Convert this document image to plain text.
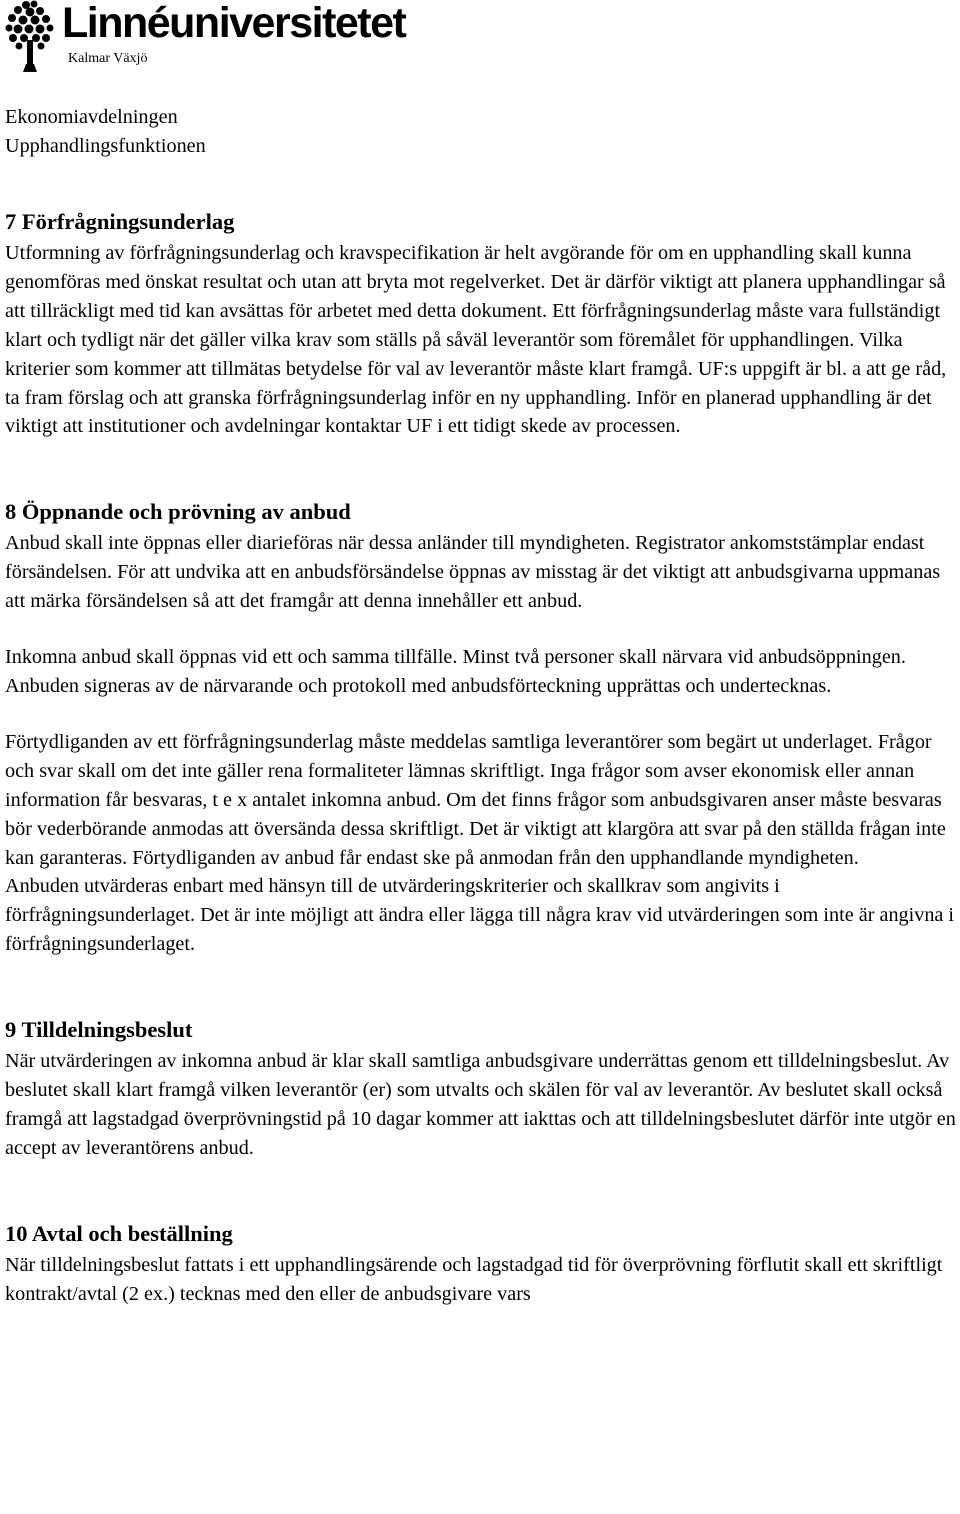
Linnéuniversitetet
Kalmar Växjö

Ekonomiavdelningen

Upphandlingsfunktionen

7 Förfrågningsunderlag

Utformning av förfrågningsunderlag och kravspecifikation är helt avgörande för om en upphandling skall kunna genomföras med önskat resultat och utan att bryta mot regelverket. Det är därför viktigt att planera upphandlingar så att tillräckligt med tid kan avsättas för arbetet med detta dokument. Ett förfrågningsunderlag måste vara fullständigt klart och tydligt när det gäller vilka krav som ställs på såväl leverantör som föremålet för upphandlingen. Vilka kriterier som kommer att tillmätas betydelse för val av leverantör måste klart framgå. UF:s uppgift är bl. a att ge råd, ta fram förslag och att granska förfrågningsunderlag inför en ny upphandling. Inför en planerad upphandling är det viktigt att institutioner och avdelningar kontaktar UF i ett tidigt skede av processen.

8 Öppnande och prövning av anbud

Anbud skall inte öppnas eller diarieföras när dessa anländer till myndigheten. Registrator ankomststämplar endast försändelsen. För att undvika att en anbudsförsändelse öppnas av misstag är det viktigt att anbudsgivarna uppmanas att märka försändelsen så att det framgår att denna innehåller ett anbud.

Inkomna anbud skall öppnas vid ett och samma tillfälle. Minst två personer skall närvara vid anbudsöppningen. Anbuden signeras av de närvarande och protokoll med anbudsförteckning upprättas och undertecknas.

Förtydliganden av ett förfrågningsunderlag måste meddelas samtliga leverantörer som begärt ut underlaget. Frågor och svar skall om det inte gäller rena formaliteter lämnas skriftligt. Inga frågor som avser ekonomisk eller annan information får besvaras, t e x antalet inkomna anbud. Om det finns frågor som anbudsgivaren anser måste besvaras bör vederbörande anmodas att översända dessa skriftligt. Det är viktigt att klargöra att svar på den ställda frågan inte kan garanteras. Förtydliganden av anbud får endast ske på anmodan från den upphandlande myndigheten.

Anbuden utvärderas enbart med hänsyn till de utvärderingskriterier och skallkrav som angivits i förfrågningsunderlaget. Det är inte möjligt att ändra eller lägga till några krav vid utvärderingen som inte är angivna i förfrågningsunderlaget.

9 Tilldelningsbeslut

När utvärderingen av inkomna anbud är klar skall samtliga anbudsgivare underrättas genom ett tilldelningsbeslut. Av beslutet skall klart framgå vilken leverantör (er) som utvalts och skälen för val av leverantör. Av beslutet skall också framgå att lagstadgad överprövningstid på 10 dagar kommer att iakttas och att tilldelningsbeslutet därför inte utgör en accept av leverantörens anbud.

10 Avtal och beställning

När tilldelningsbeslut fattats i ett upphandlingsärende och lagstadgad tid för överprövning förflutit skall ett skriftligt kontrakt/avtal (2 ex.) tecknas med den eller de anbudsgivare vars
